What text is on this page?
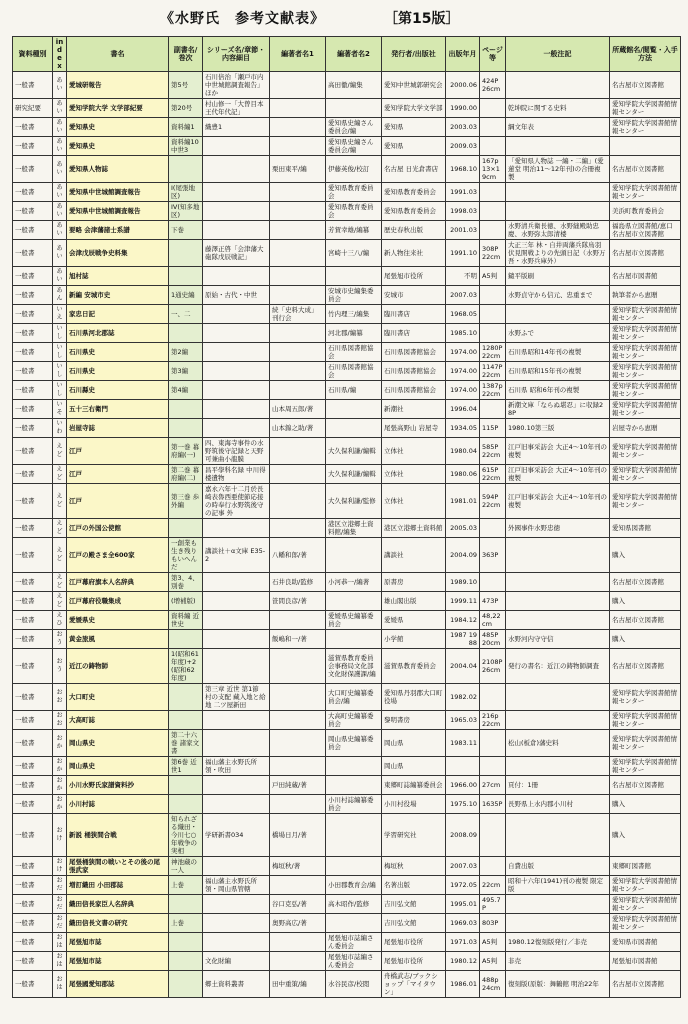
《水野氏　参考文献表》	［第15版］
資料種別	index	書名	副書名/巻次	シリーズ名/章節・内容細目	編著者名1	編著者名2	発行者/出版社	出版年月	ページ等	一般注記	所蔵館名/閲覧・入手方法
一般書	あい	愛城研報告	第5号	石川倍治「瀬戸市内中世城館調査報告」ほか		高田徹/編集	愛知中世城郭研究会	2000.06	424P 26cm		名古屋市立図書館
研究紀要	あい	愛知学院大学 文学部紀要	第20号	村山修一「大曽目本王代年代記」			愛知学院大学文学部	1990.00		乾坤院に関する史料	愛知学院大学図書館情報センター
一般書	あい	愛知県史	資料編1	織豊1		愛知県史編さん委員会/編	愛知県	2003.03		綱文年表	愛知学院大学図書館情報センター
一般書	あい	愛知県史	資料編10 中世3			愛知県史編さん委員会/編	愛知県	2009.03			
一般書	あい	愛知県人物誌			栗田東平/編	伊藤英俊/校訂	名古屋 日光倉書店	1968.10	167p 13×19cm	「愛知県人物誌 一編・二編」(愛蓮堂 明治11～12年刊)の合冊複製	名古屋市立図書館
一般書	あい	愛知県中世城館調査報告	I(尾張地区)			愛知県教育委員会	愛知県教育委員会	1991.03			愛知学院大学図書館情報センター
一般書	あい	愛知県中世城館調査報告	IV(知多地区)			愛知県教育委員会	愛知県教育委員会	1998.03			美浜町教育委員会
一般書	あい	要略 会津藩諸士系譜	下巻			芳賀幸雄/編纂	歴史春秋出版	2001.03		水野清兵衛長徳、水野縫殿助忠慶、水野弥太郎清楼	福島県立図書館/恵口名古屋市立図書館
一般書	あい	会津戊辰戦争史料集		藤澤正啓「会津藩大砲隊戊辰戦記」		宮崎十三八/編	新人物往来社	1991.10	308P 22cm	大正三年 林・自井両藩兵隊鳥羽伏見開戦よりの先頭日記（水野万吾・水野兵庫外）	名古屋市立図書館
一般書	あい	旭村誌					尾張旭市役所	不明	A5判	鑓平版刷	名古屋市図書館
一般書	あん	新編 安城市史	1通史編	原始・古代・中世		安城市史編集委員会	安城市	2007.03		水野貞守から信元、忠重まで	執筆者から恵贈
一般書	いえ	家忠日記	一、二		続「史料大成」刊行会	竹内理三/編集	臨川書店	1968.05			愛知学院大学図書館情報センター
一般書	いし	石川県河北郡誌				河北郡/編纂	臨川書店	1985.10		水野ふで	愛知学院大学図書館情報センター
一般書	いし	石川県史	第2編			石川県図書館協会	石川県図書館協会	1974.00	1280P 22cm	石川県昭和14年刊の複製	愛知学院大学図書館情報センター
一般書	いし	石川県史	第3編			石川県図書館協会	石川県図書館協会	1974.00	1147P 22cm	石川県昭和15年刊の複製	愛知学院大学図書館情報センター
一般書	いし	石川縣史	第4編			石川県/編	石川県図書館協会	1974.00	1387p 22cm	石川県 昭和6年刊の複製	愛知学院大学図書館情報センター
一般書	いそ	五十三右衛門			山本周五郎/著		新潮社	1996.04		新潮文庫「ならぬ堪忍」に収録28P	愛知学院大学図書館情報センター
一般書	いわ	岩屋寺誌			山本錦之助/著		尾張高野山 岩屋寺	1934.05	115P	1980.10第三版	岩屋寺から恵贈
一般書	えど	江戸	第一巻 幕府編(一)	四、東海寺事件の水野筑後守記録と天野可兼曲小龍膜		大久保利謙/編輯	立体社	1980.04	585P 22cm	江戸旧事采訪会 大正4～10年刊の複製	愛知学院大学図書館情報センター
一般書	えど	江戸	第二巻 幕府編(二)	昌平學科名録 中川得楼遺物		大久保利謙/編輯	立体社	1980.06	615P 22cm	江戸旧事采訪会 大正4～10年刊の複製	愛知学院大学図書館情報センター
一般書	えど	江戸	第三巻 歩外編	嘉永六年十二月於長崎表魯西亜使節応接の時奉行水野筑後守の記事 外		大久保利謙/監修	立体社	1981.01	594P 22cm	江戸旧事采訪会 大正4～10年刊の複製	愛知学院大学図書館情報センター
一般書	えど	江戸の外国公使館				港区立港郷土資料館/編集	港区立港郷土資料館	2005.03		外國事件水野忠徳	愛知県図書館
一般書	えど	江戸の殿さま全600家	一創業も生き残りもいへんだ	講談社＋α文庫 E35-2	八幡和郎/著		講談社	2004.09	363P		購入
一般書	えど	江戸幕府旗本人名辞典	第3、4、別巻		石井良助/監修	小河恭一/編著	原書房	1989.10			名古屋市立図書館
一般書	えど	江戸幕府役職集成	(増補版)		笹間良彦/著		雄山閣出版	1999.11	473P		購入
一般書	えひ	愛媛県史	資料編 近世史			愛媛県史編纂委員会	愛媛県	1984.12	48,22cm		名古屋市立図書館
一般書	おう	黄金旅風			飯嶋和一/著		小学館	1987 1988	485P 20cm	水野河内守守信	購入
一般書	おう	近江の鋳物師	1(昭和61年度)+2(昭和62年度)			滋賀県教育委員会事務局文化部文化財保護課/編	滋賀県教育委員会	2004.04	2108P 26cm	発行の書名：近江の鋳物師調査	名古屋市立図書館
一般書	おお	大口町史		第三章 近世 第1節 村の支配 藏入地と給地 二ツ屋新田		大口町史編纂委員会/編	愛知県丹羽郡大口町役場	1982.02			愛知学院大学図書館情報センター
一般書	おお	大高町誌				大高町史編纂委員会	黎明書房	1965.03	216p 22cm		愛知学院大学図書館情報センター
一般書	おか	岡山県史	第二十六巻 諸家文書			岡山県史編纂委員会	岡山県	1983.11		松山(板倉)藩史料	愛知学院大学図書館情報センター
一般書	おか	岡山県史	第6巻 近世1	福山藩主水野氏所領・吹田			岡山県				愛知学院大学図書館情報センター
一般書	おか	小川水野氏家譜資料抄			戸田純蔵/著		東郷町誌編纂委員会	1966.00	27cm	頁付：1冊	名古屋市立図書館
一般書	おか	小川村誌				小川村誌編纂委員会	小川村役場	1975.10	1635P	長野県上水内郡小川村	購入
一般書	おけ	新説 桶狭間合戦	知られざる織田・今川七○年戦争の実相	学研新書034	橋場日月/著		学習研究社	2008.09			購入
一般書	おけ	尾張桶狭間の戦いとその後の尾張武家	神池蔵の一人		梅垣秋/著		梅垣秋	2007.03		自費出版	東郷町図書館
一般書	おだ	増訂織田 小田郡誌	上巻	福山藩主水野氏所領・岡山県管轄		小田郡教育会/編	名著出版	1972.05	22cm	昭和十六年(1941)刊の複製 限定版	愛知学院大学図書館情報センター
一般書	おだ	織田信長家臣人名辞典			谷口克弘/著	高木昭作/監修	吉川弘文館	1995.01	495.7P		愛知学院大学図書館情報センター
一般書	おだ	織田信長文書の研究	上巻		奥野高広/著		吉川弘文館	1969.03	803P		愛知学院大学図書館情報センター
一般書	おは	尾張旭市誌				尾張旭市誌編さん委員会	尾張旭市役所	1971.03	A5判	1980.12復刻版発行／非売	愛知県市図書館
一般書	おは	尾張旭市誌		文化財編		尾張旭市誌編さん委員会	尾張旭市役所	1980.12	A5判	非売	尾張旭市図書館
一般書	おは	尾張國愛知郡誌		郷土資料叢書	田中重策/編	水谷民彦/校閲	舟橋武志/ブックショップ「マイタウン」	1986.01	488p 24cm	復刻版(原版：舞鶴館 明治22年	名古屋市立図書館
